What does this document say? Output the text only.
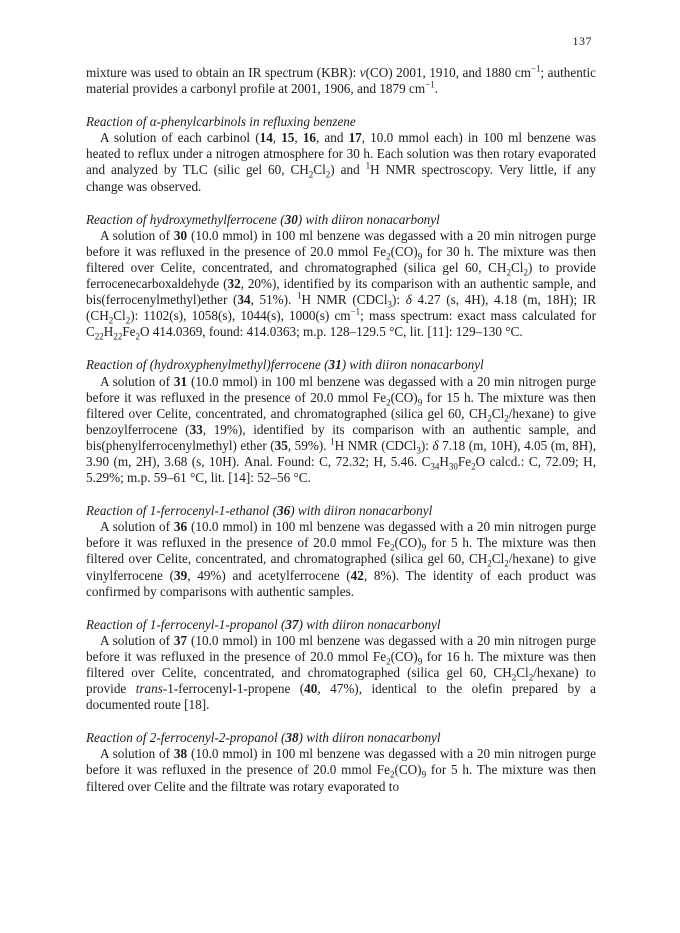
137

mixture was used to obtain an IR spectrum (KBR): ν(CO) 2001, 1910, and 1880 $cm^{-1}$; authentic material provides a carbonyl profile at 2001, 1906, and 1879 $cm^{-1}$.

Reaction of α-phenylcarbinols in refluxing benzene

A solution of each carbinol (14, 15, 16, and 17, 10.0 mmol each) in 100 ml benzene was heated to reflux under a nitrogen atmosphere for 30 h. Each solution was then rotary evaporated and analyzed by TLC (silic gel 60, $CH_2Cl_2$) and $^1$H NMR spectroscopy. Very little, if any change was observed.

Reaction of hydroxymethylferrocene (30) with diiron nonacarbonyl

A solution of 30 (10.0 mmol) in 100 ml benzene was degassed with a 20 min nitrogen purge before it was refluxed in the presence of 20.0 mmol $Fe_2(CO)_9$ for 30 h. The mixture was then filtered over Celite, concentrated, and chromatographed (silica gel 60, $CH_2Cl_2$) to provide ferrocenecarboxaldehyde (32, 20%), identified by its comparison with an authentic sample, and bis(ferrocenylmethyl)ether (34, 51%). $^1$H NMR (CDCl$_3$): δ 4.27 (s, 4H), 4.18 (m, 18H); IR $(CH_2Cl_2)$: 1102(s), 1058(s), 1044(s), 1000(s) $cm^{-1}$; mass spectrum: exact mass calculated for $C_{22}H_{22}Fe_2O$ 414.0369, found: 414.0363; m.p. 128–129.5 °C, lit. [11]: 129–130 °C.

Reaction of (hydroxyphenylmethyl)ferrocene (31) with diiron nonacarbonyl

A solution of 31 (10.0 mmol) in 100 ml benzene was degassed with a 20 min nitrogen purge before it was refluxed in the presence of 20.0 mmol $Fe_2(CO)_9$ for 15 h. The mixture was then filtered over Celite, concentrated, and chromatographed (silica gel 60, $CH_2Cl_2/hexane$) to give benzoylferrocene (33, 19%), identified by its comparison with an authentic sample, and bis(phenylferrocenylmethyl) ether (35, 59%). $^1$H NMR (CDCl$_3$): δ 7.18 (m, 10H), 4.05 (m, 8H), 3.90 (m, 2H), 3.68 (s, 10H). Anal. Found: C, 72.32; H, 5.46. $C_{34}H_{30}Fe_2O$ calcd.: C, 72.09; H, 5.29%; m.p. 59–61 °C, lit. [14]: 52–56 °C.

Reaction of 1-ferrocenyl-1-ethanol (36) with diiron nonacarbonyl

A solution of 36 (10.0 mmol) in 100 ml benzene was degassed with a 20 min nitrogen purge before it was refluxed in the presence of 20.0 mmol $Fe_2(CO)_9$ for 5 h. The mixture was then filtered over Celite, concentrated, and chromatographed (silica gel 60, $CH_2Cl_2/hexane$) to give vinylferrocene (39, 49%) and acetylferrocene (42, 8%). The identity of each product was confirmed by comparisons with authentic samples.

Reaction of 1-ferrocenyl-1-propanol (37) with diiron nonacarbonyl

A solution of 37 (10.0 mmol) in 100 ml benzene was degassed with a 20 min nitrogen purge before it was refluxed in the presence of 20.0 mmol $Fe_2(CO)_9$ for 16 h. The mixture was then filtered over Celite, concentrated, and chromatographed (silica gel 60, $CH_2Cl_2/hexane$) to provide trans-1-ferrocenyl-1-propene (40, 47%), identical to the olefin prepared by a documented route [18].

Reaction of 2-ferrocenyl-2-propanol (38) with diiron nonacarbonyl

A solution of 38 (10.0 mmol) in 100 ml benzene was degassed with a 20 min nitrogen purge before it was refluxed in the presence of 20.0 mmol $Fe_2(CO)_9$ for 5 h. The mixture was then filtered over Celite and the filtrate was rotary evaporated to
